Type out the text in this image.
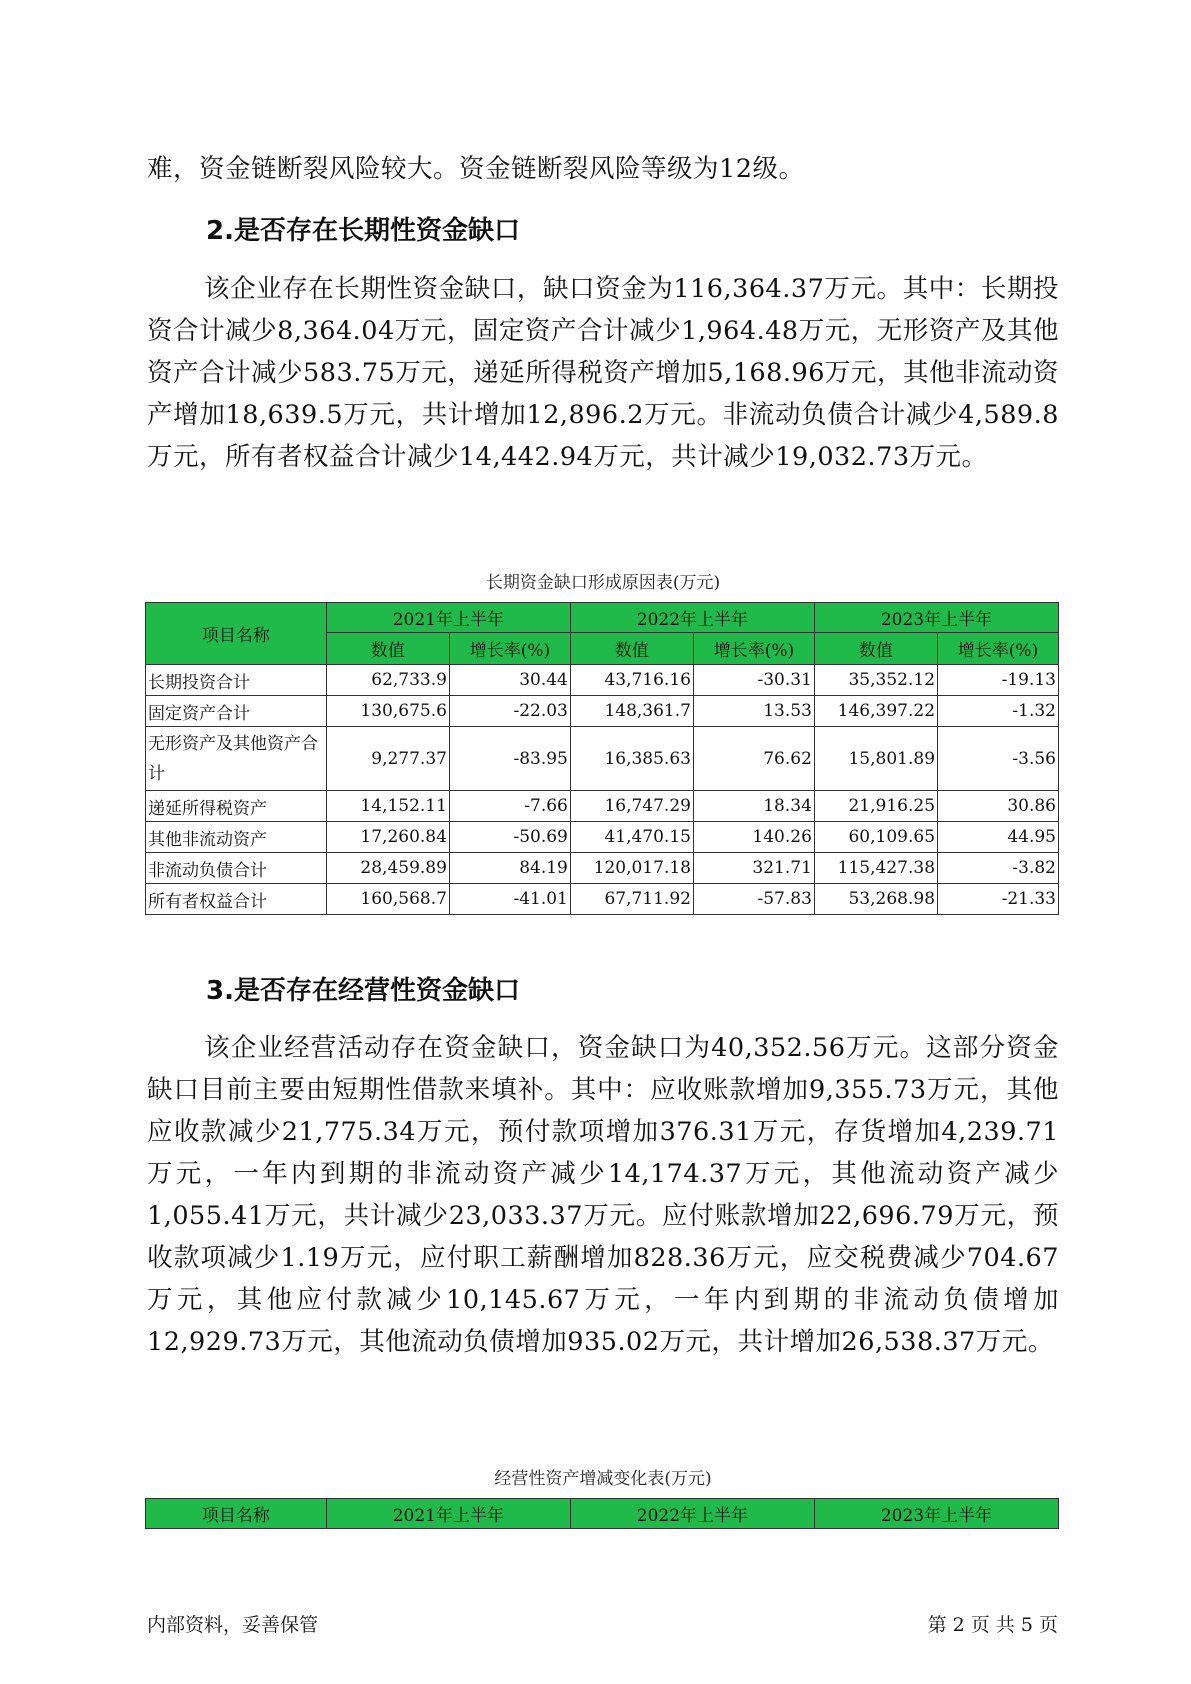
难，资金链断裂风险较大。资金链断裂风险等级为12级。

2.是否存在长期性资金缺口

该企业存在长期性资金缺口，缺口资金为116,364.37万元。其中：长期投资合计减少8,364.04万元，固定资产合计减少1,964.48万元，无形资产及其他资产合计减少583.75万元，递延所得税资产增加5,168.96万元，其他非流动资产增加18,639.5万元，共计增加12,896.2万元。非流动负债合计减少4,589.8万元，所有者权益合计减少14,442.94万元，共计减少19,032.73万元。

长期资金缺口形成原因表(万元)
项目名称	2021年上半年		2022年上半年		2023年上半年	
	数值	增长率(%)	数值	增长率(%)	数值	增长率(%)
长期投资合计	62,733.9	30.44	43,716.16	-30.31	35,352.12	-19.13
固定资产合计	130,675.6	-22.03	148,361.7	13.53	146,397.22	-1.32
无形资产及其他资产合计	9,277.37	-83.95	16,385.63	76.62	15,801.89	-3.56
递延所得税资产	14,152.11	-7.66	16,747.29	18.34	21,916.25	30.86
其他非流动资产	17,260.84	-50.69	41,470.15	140.26	60,109.65	44.95
非流动负债合计	28,459.89	84.19	120,017.18	321.71	115,427.38	-3.82
所有者权益合计	160,568.7	-41.01	67,711.92	-57.83	53,268.98	-21.33
3.是否存在经营性资金缺口

该企业经营活动存在资金缺口，资金缺口为40,352.56万元。这部分资金缺口目前主要由短期性借款来填补。其中：应收账款增加9,355.73万元，其他应收款减少21,775.34万元，预付款项增加376.31万元，存货增加4,239.71万元，一年内到期的非流动资产减少14,174.37万元，其他流动资产减少1,055.41万元，共计减少23,033.37万元。应付账款增加22,696.79万元，预收款项减少1.19万元，应付职工薪酬增加828.36万元，应交税费减少704.67万元，其他应付款减少10,145.67万元，一年内到期的非流动负债增加12,929.73万元，其他流动负债增加935.02万元，共计增加26,538.37万元。

经营性资产增减变化表(万元)
项目名称	2021年上半年	2022年上半年	2023年上半年
内部资料，妥善保管	第 2 页 共 5 页
